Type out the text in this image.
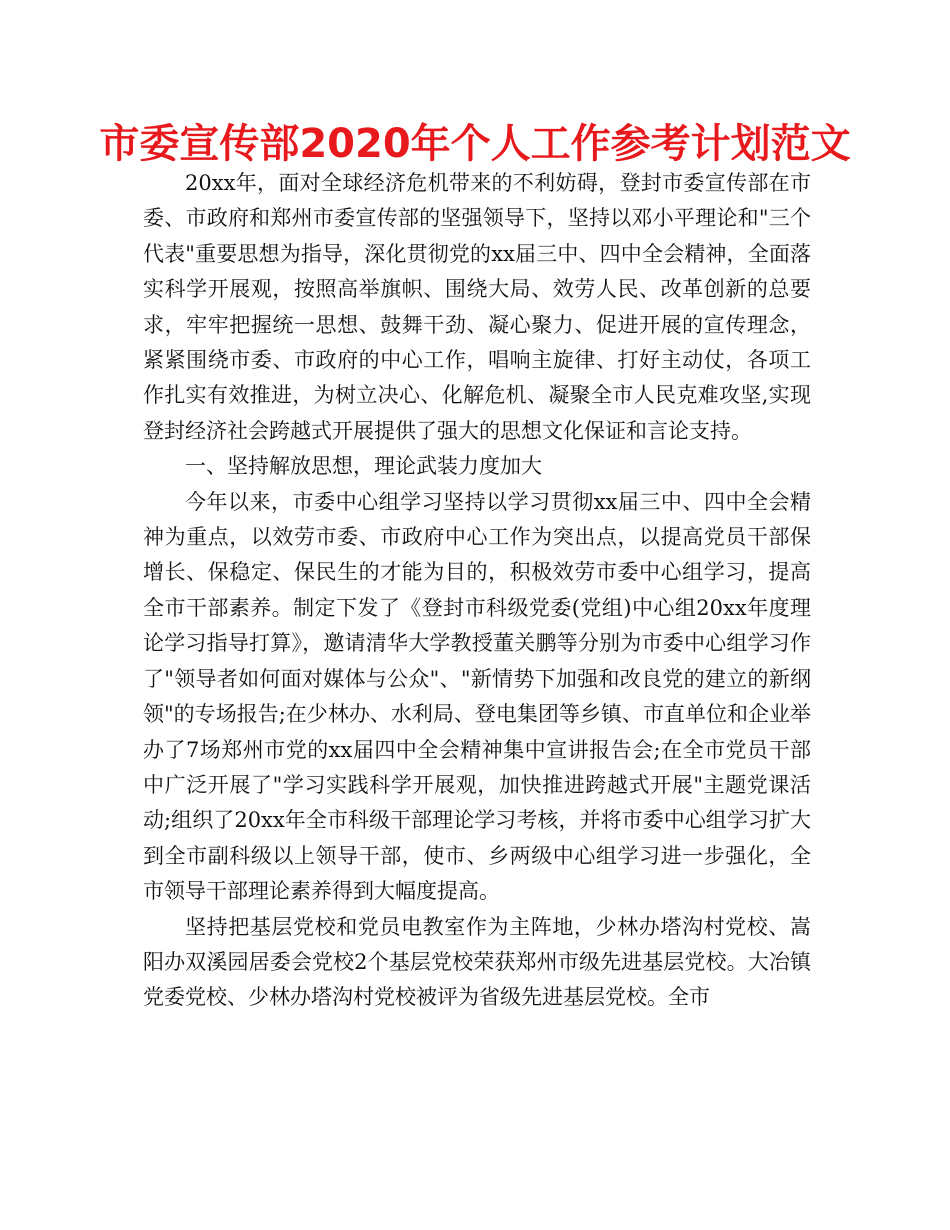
市委宣传部2020年个人工作参考计划范文

20xx年，面对全球经济危机带来的不利妨碍，登封市委宣传部在市委、市政府和郑州市委宣传部的坚强领导下，坚持以邓小平理论和"三个代表"重要思想为指导，深化贯彻党的xx届三中、四中全会精神，全面落实科学开展观，按照高举旗帜、围绕大局、效劳人民、改革创新的总要求，牢牢把握统一思想、鼓舞干劲、凝心聚力、促进开展的宣传理念，紧紧围绕市委、市政府的中心工作，唱响主旋律、打好主动仗，各项工作扎实有效推进，为树立决心、化解危机、凝聚全市人民克难攻坚,实现登封经济社会跨越式开展提供了强大的思想文化保证和言论支持。

一、坚持解放思想，理论武装力度加大

今年以来，市委中心组学习坚持以学习贯彻xx届三中、四中全会精神为重点，以效劳市委、市政府中心工作为突出点，以提高党员干部保增长、保稳定、保民生的才能为目的，积极效劳市委中心组学习，提高全市干部素养。制定下发了《登封市科级党委(党组)中心组20xx年度理论学习指导打算》，邀请清华大学教授董关鹏等分别为市委中心组学习作了"领导者如何面对媒体与公众"、"新情势下加强和改良党的建立的新纲领"的专场报告;在少林办、水利局、登电集团等乡镇、市直单位和企业举办了7场郑州市党的xx届四中全会精神集中宣讲报告会;在全市党员干部中广泛开展了"学习实践科学开展观，加快推进跨越式开展"主题党课活动;组织了20xx年全市科级干部理论学习考核，并将市委中心组学习扩大到全市副科级以上领导干部，使市、乡两级中心组学习进一步强化，全市领导干部理论素养得到大幅度提高。

坚持把基层党校和党员电教室作为主阵地，少林办塔沟村党校、嵩阳办双溪园居委会党校2个基层党校荣获郑州市级先进基层党校。大冶镇党委党校、少林办塔沟村党校被评为省级先进基层党校。全市
